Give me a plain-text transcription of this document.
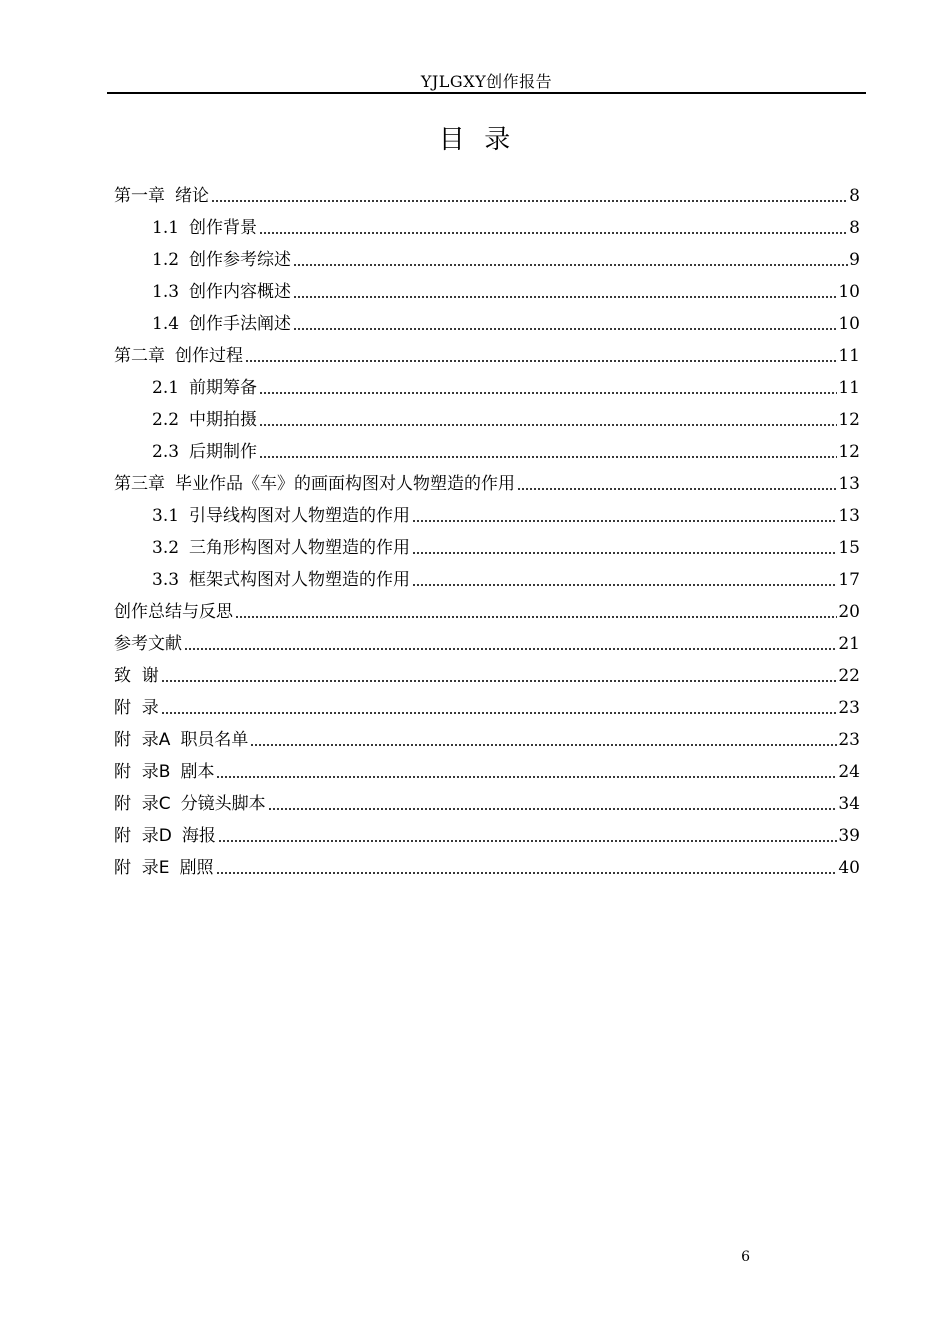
YJLGXY创作报告
目  录
第一章 绪论	8
1.1 创作背景	8
1.2 创作参考综述	9
1.3 创作内容概述	10
1.4 创作手法阐述	10
第二章 创作过程	11
2.1 前期筹备	11
2.2 中期拍摄	12
2.3 后期制作	12
第三章 毕业作品《车》的画面构图对人物塑造的作用	13
3.1 引导线构图对人物塑造的作用	13
3.2 三角形构图对人物塑造的作用	15
3.3 框架式构图对人物塑造的作用	17
创作总结与反思	20
参考文献	21
致  谢	22
附  录	23
附  录A 职员名单	23
附  录B 剧本	24
附  录C 分镜头脚本	34
附  录D 海报	39
附  录E 剧照	40
6
